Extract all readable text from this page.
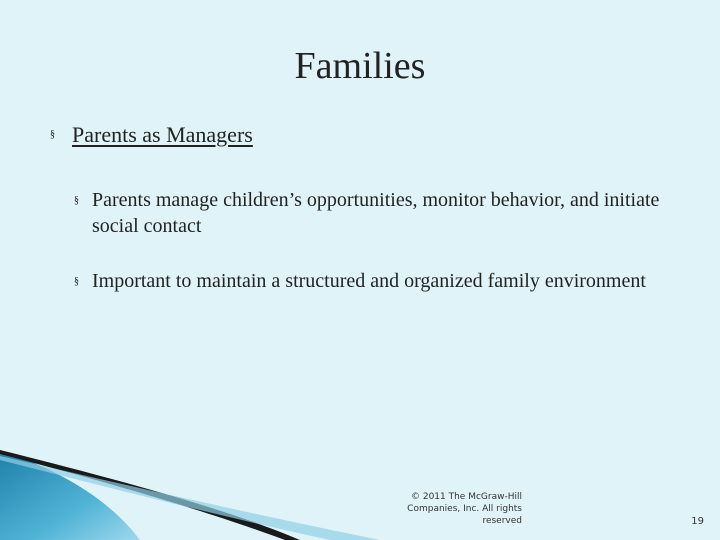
Families
§ Parents as Managers
§ Parents manage children’s opportunities, monitor behavior, and initiate social contact
§ Important to maintain a structured and organized family environment
© 2011 The McGraw-Hill
Companies, Inc. All rights
reserved	19
